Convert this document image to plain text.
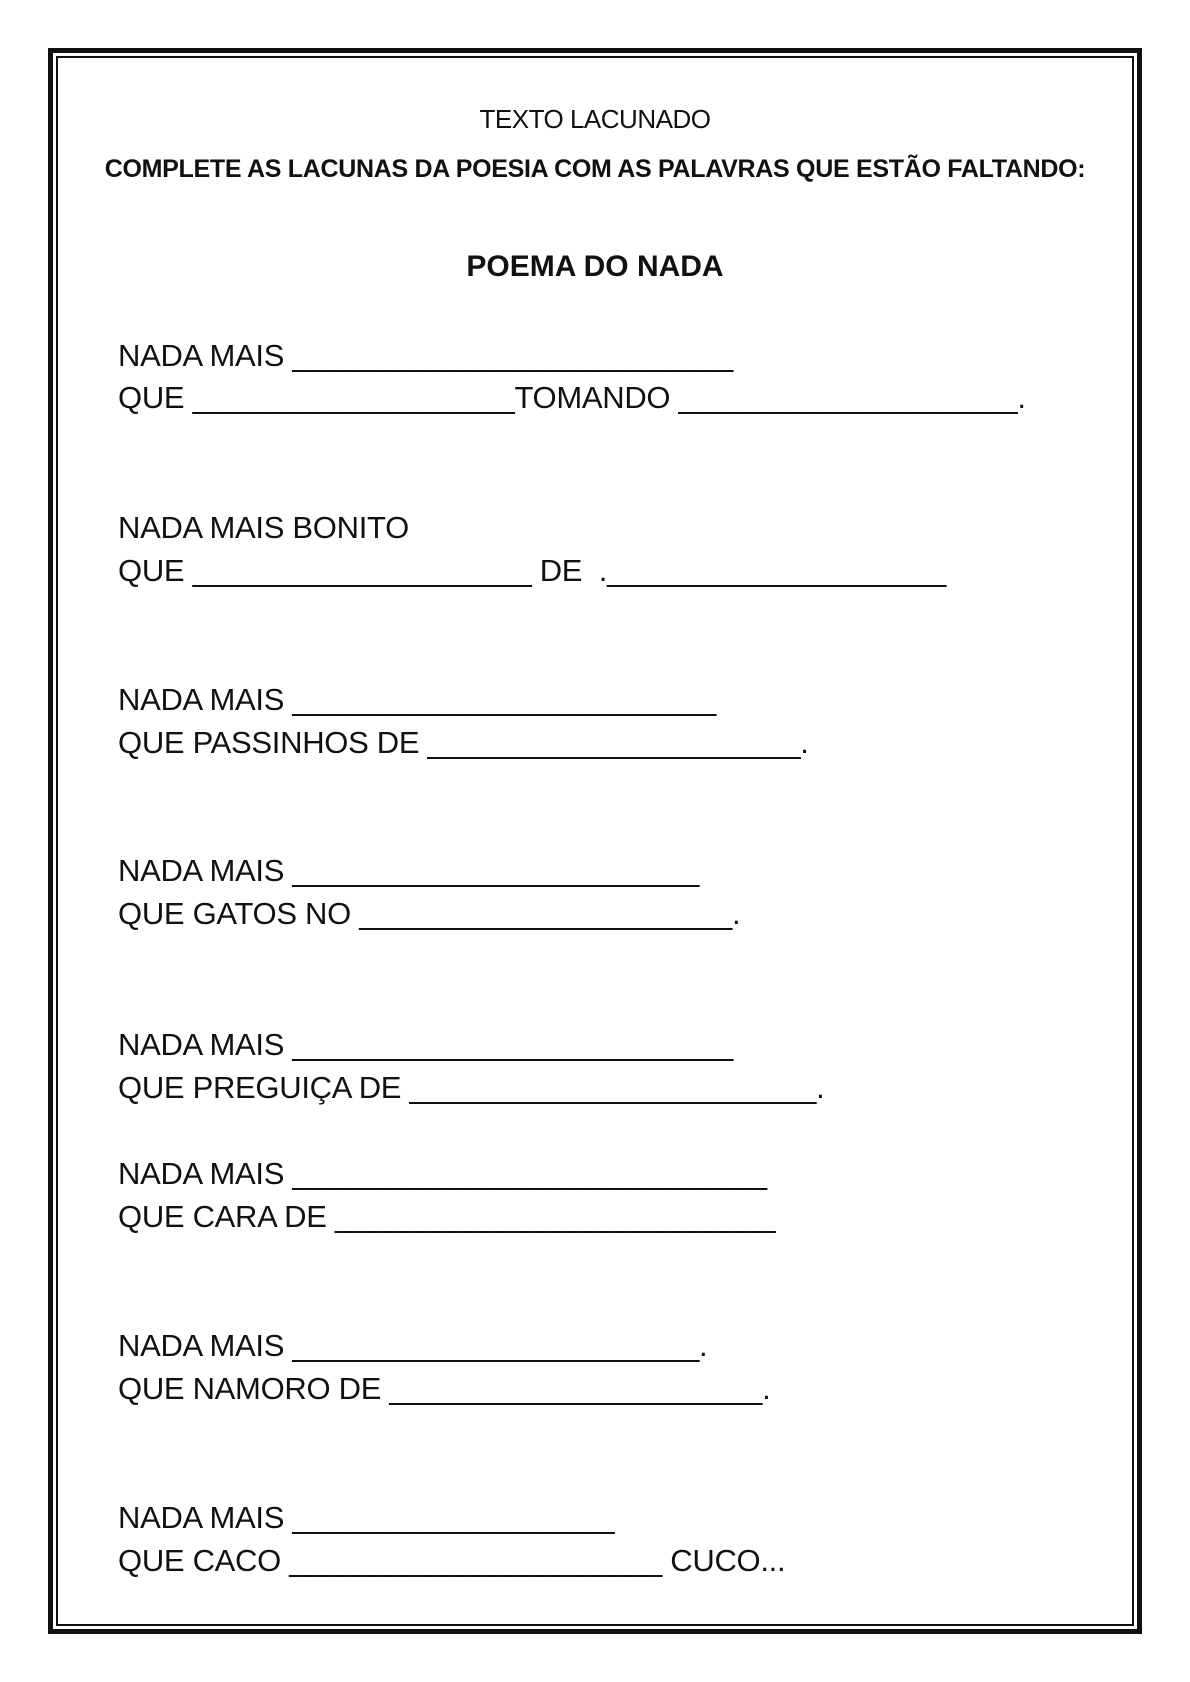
TEXTO LACUNADO
COMPLETE AS LACUNAS DA POESIA COM AS PALAVRAS QUE ESTÃO FALTANDO:
POEMA DO NADA
NADA MAIS __________________________
QUE ___________________TOMANDO ____________________.
NADA MAIS BONITO
QUE ____________________ DE  .____________________
NADA MAIS _________________________
QUE PASSINHOS DE ______________________.
NADA MAIS ________________________
QUE GATOS NO ______________________.
NADA MAIS __________________________
QUE PREGUIÇA DE ________________________.
NADA MAIS ____________________________
QUE CARA DE __________________________
NADA MAIS ________________________.
QUE NAMORO DE ______________________.
NADA MAIS ___________________
QUE CACO ______________________ CUCO...
